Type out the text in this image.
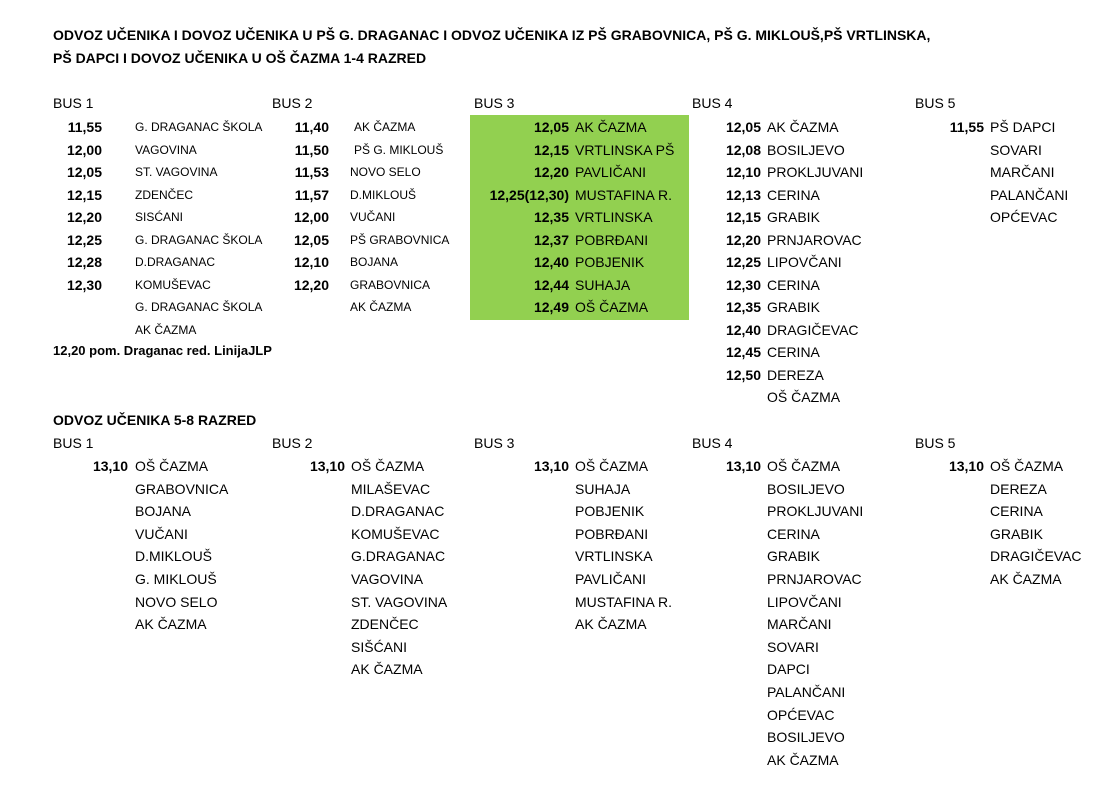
ODVOZ UČENIKA I DOVOZ UČENIKA U PŠ G. DRAGANAC I ODVOZ UČENIKA IZ PŠ GRABOVNICA, PŠ G. MIKLOUŠ,PŠ VRTLINSKA,
PŠ DAPCI I DOVOZ UČENIKA U OŠ ČAZMA 1-4 RAZRED
BUS 1
11,55	G. DRAGANAC ŠKOLA
12,00	VAGOVINA
12,05	ST. VAGOVINA
12,15	ZDENČEC
12,20	SISĆANI
12,25	G. DRAGANAC ŠKOLA
12,28	D.DRAGANAC
12,30	KOMUŠEVAC
G. DRAGANAC ŠKOLA
AK ČAZMA
BUS 2
11,40 AK ČAZMA
11,50 PŠ G. MIKLOUŠ
11,53 NOVO SELO
11,57 D.MIKLOUŠ
12,00 VUČANI
12,05 PŠ GRABOVNICA
12,10 BOJANA
12,20 GRABOVNICA
AK ČAZMA
BUS 3
12,05 AK ČAZMA
12,15 VRTLINSKA PŠ
12,20 PAVLIČANI
12,25(12,30) MUSTAFINA R.
12,35 VRTLINSKA
12,37 POBRĐANI
12,40 POBJENIK
12,44 SUHAJA
12,49 OŠ ČAZMA
BUS 4
12,05 AK ČAZMA
12,08 BOSILJEVO
12,10 PROKLJUVANI
12,13 CERINA
12,15 GRABIK
12,20 PRNJAROVAC
12,25 LIPOVČANI
12,30 CERINA
12,35 GRABIK
12,40 DRAGIČEVAC
12,45 CERINA
12,50 DEREZA
OŠ ČAZMA
BUS 5
11,55 PŠ DAPCI
SOVARI
MARČANI
PALANČANI
OPĆEVAC
12,20 pom. Draganac red. LinijaJLP
ODVOZ UČENIKA 5-8 RAZRED
BUS 1
13,10 OŠ ČAZMA
GRABOVNICA
BOJANA
VUČANI
D.MIKLOUŠ
G. MIKLOUŠ
NOVO SELO
AK ČAZMA
BUS 2
13,10 OŠ ČAZMA
MILAŠEVAC
D.DRAGANAC
KOMUŠEVAC
G.DRAGANAC
VAGOVINA
ST. VAGOVINA
ZDENČEC
SIŠĆANI
AK ČAZMA
BUS 3
13,10 OŠ ČAZMA
SUHAJA
POBJENIK
POBRĐANI
VRTLINSKA
PAVLIČANI
MUSTAFINA R.
AK ČAZMA
BUS 4
13,10 OŠ ČAZMA
BOSILJEVO
PROKLJUVANI
CERINA
GRABIK
PRNJAROVAC
LIPOVČANI
MARČANI
SOVARI
DAPCI
PALANČANI
OPĆEVAC
BOSILJEVO
AK ČAZMA
BUS 5
13,10 OŠ ČAZMA
DEREZA
CERINA
GRABIK
DRAGIČEVAC
AK ČAZMA
